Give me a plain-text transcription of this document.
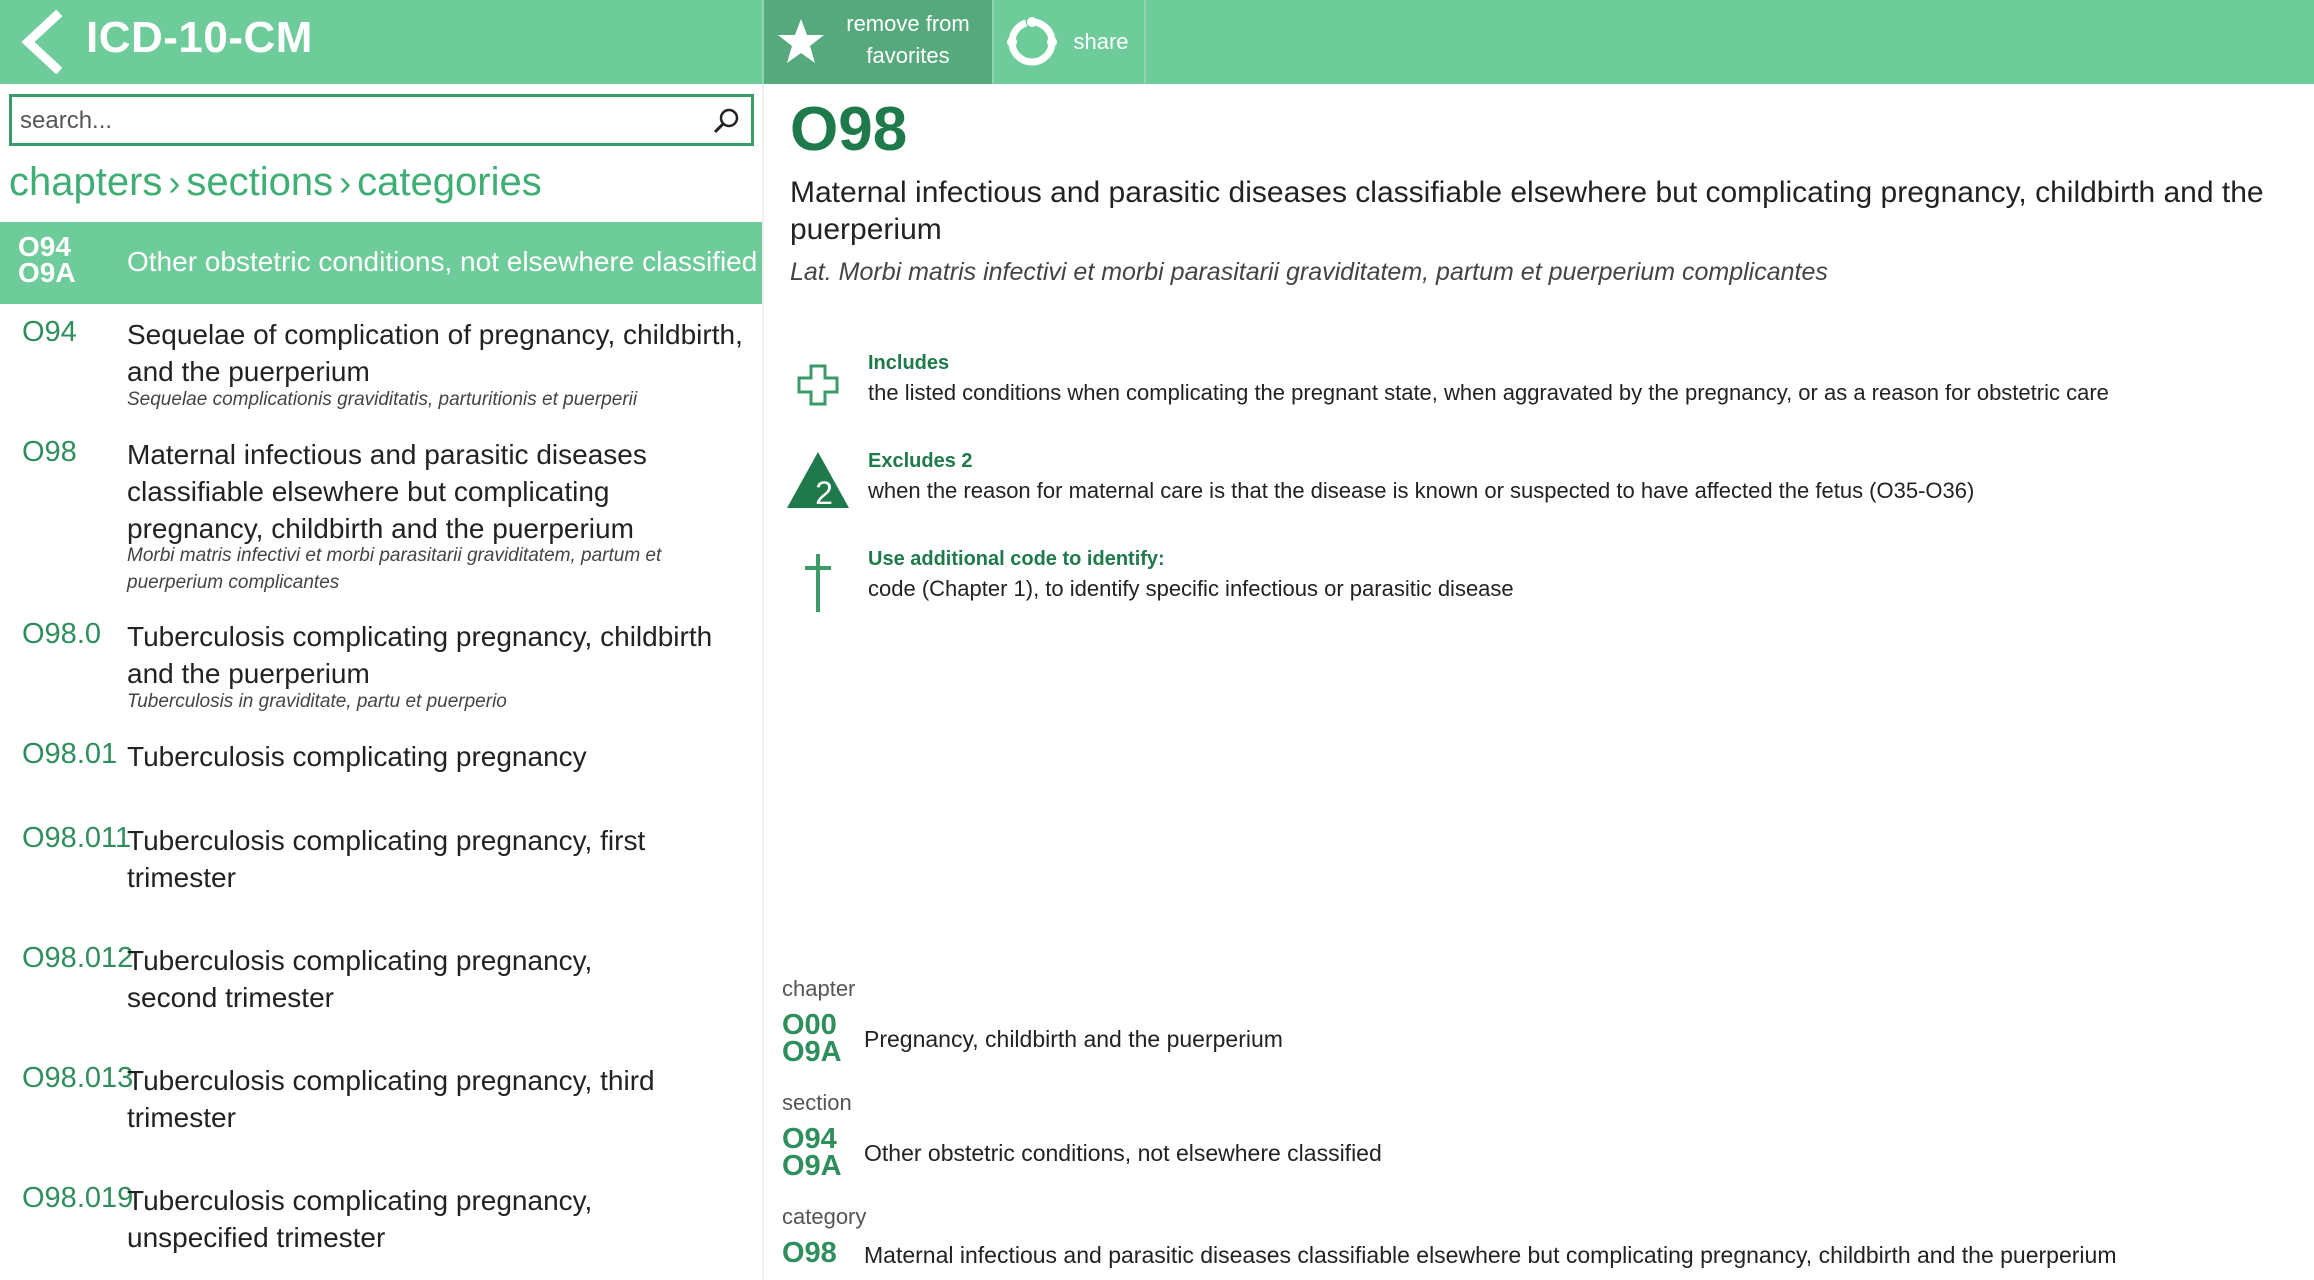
ICD-10-CM	remove from
favorites
share
search...
chapters › sections › categories
O94
O9A Other obstetric conditions, not elsewhere classified
O94 Sequelae of complication of pregnancy, childbirth, and the puerperium
Sequelae complicationis graviditatis, parturitionis et puerperii
O98 Maternal infectious and parasitic diseases classifiable elsewhere but complicating pregnancy, childbirth and the puerperium
Morbi matris infectivi et morbi parasitarii graviditatem, partum et puerperium complicantes
O98.0 Tuberculosis complicating pregnancy, childbirth and the puerperium
Tuberculosis in graviditate, partu et puerperio
O98.01 Tuberculosis complicating pregnancy
O98.011
Tuberculosis complicating pregnancy, first trimester
O98.012
Tuberculosis complicating pregnancy, second trimester
O98.013
Tuberculosis complicating pregnancy, third trimester
O98.019
Tuberculosis complicating pregnancy, unspecified trimester
O98
Maternal infectious and parasitic diseases classifiable elsewhere but complicating pregnancy, childbirth and the puerperium
Lat. Morbi matris infectivi et morbi parasitarii graviditatem, partum et puerperium complicantes
Includes
the listed conditions when complicating the pregnant state, when aggravated by the pregnancy, or as a reason for obstetric care
2
Excludes 2
when the reason for maternal care is that the disease is known or suspected to have affected the fetus (O35-O36)
Use additional code to identify:
code (Chapter 1), to identify specific infectious or parasitic disease
chapter
O00
O9A Pregnancy, childbirth and the puerperium
section
O94
O9A Other obstetric conditions, not elsewhere classified
category
O98 Maternal infectious and parasitic diseases classifiable elsewhere but complicating pregnancy, childbirth and the puerperium
